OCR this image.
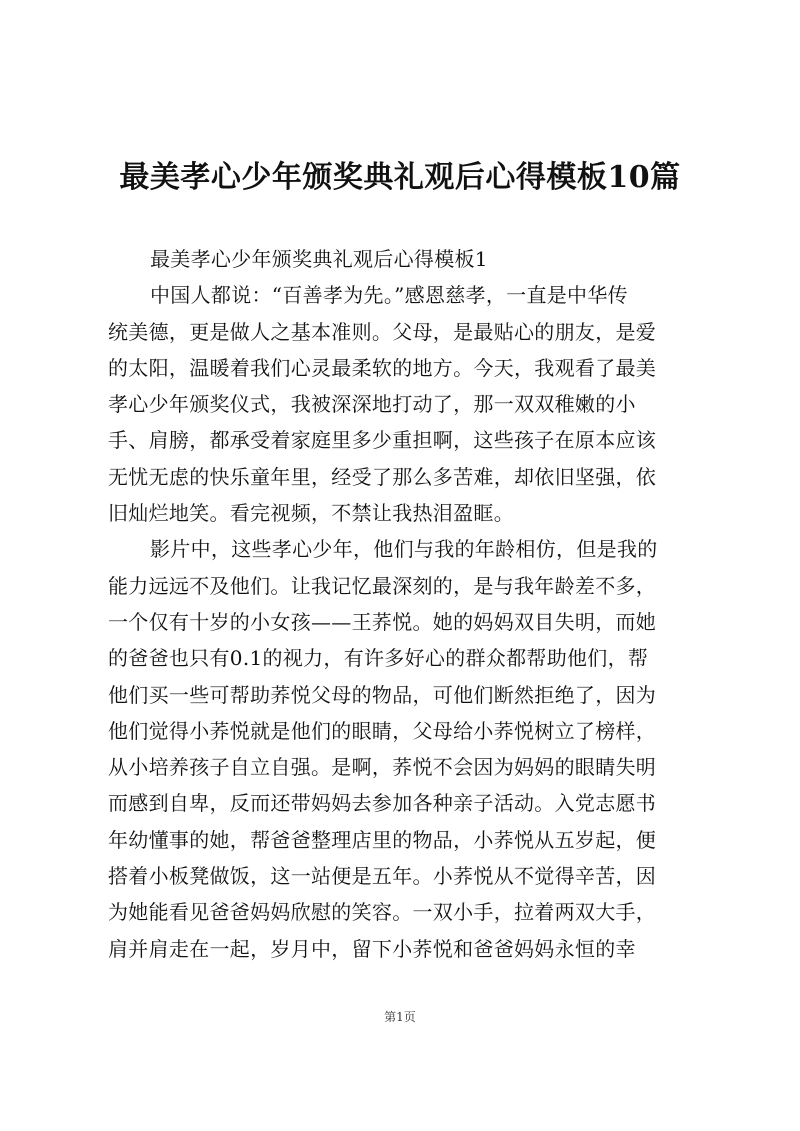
最美孝心少年颁奖典礼观后心得模板10篇
最美孝心少年颁奖典礼观后心得模板1
中国人都说：“百善孝为先。”感恩慈孝，一直是中华传
统美德，更是做人之基本准则。父母，是最贴心的朋友，是爱
的太阳，温暖着我们心灵最柔软的地方。今天，我观看了最美
孝心少年颁奖仪式，我被深深地打动了，那一双双稚嫩的小
手、肩膀，都承受着家庭里多少重担啊，这些孩子在原本应该
无忧无虑的快乐童年里，经受了那么多苦难，却依旧坚强，依
旧灿烂地笑。看完视频，不禁让我热泪盈眶。
影片中，这些孝心少年，他们与我的年龄相仿，但是我的
能力远远不及他们。让我记忆最深刻的，是与我年龄差不多，
一个仅有十岁的小女孩——王荞悦。她的妈妈双目失明，而她
的爸爸也只有0.1的视力，有许多好心的群众都帮助他们，帮
他们买一些可帮助荞悦父母的物品，可他们断然拒绝了，因为
他们觉得小荞悦就是他们的眼睛，父母给小荞悦树立了榜样，
从小培养孩子自立自强。是啊，荞悦不会因为妈妈的眼睛失明
而感到自卑，反而还带妈妈去参加各种亲子活动。入党志愿书
年幼懂事的她，帮爸爸整理店里的物品，小荞悦从五岁起，便
搭着小板凳做饭，这一站便是五年。小荞悦从不觉得辛苦，因
为她能看见爸爸妈妈欣慰的笑容。一双小手，拉着两双大手，
肩并肩走在一起，岁月中，留下小荞悦和爸爸妈妈永恒的幸
第1页
